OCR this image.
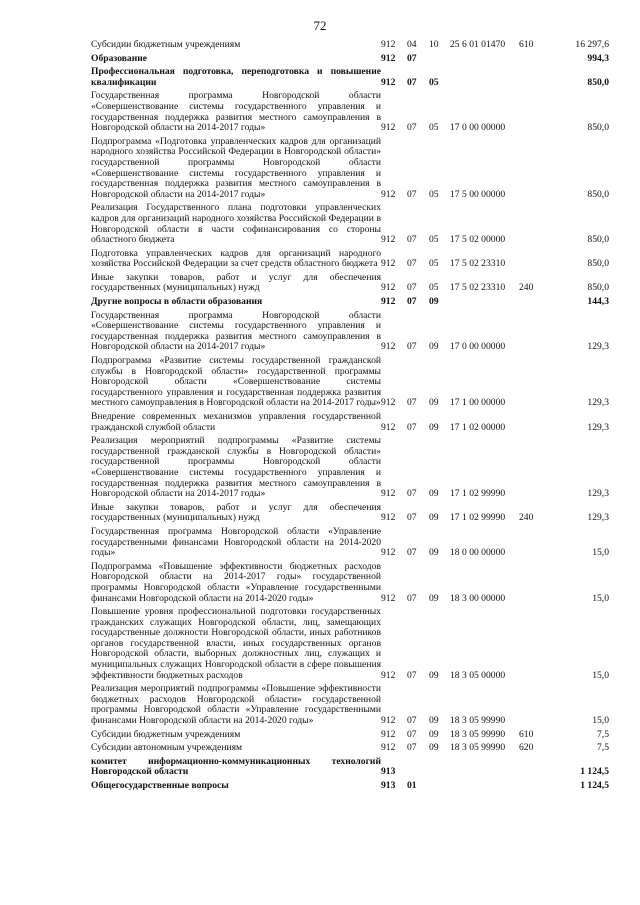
72
Субсидии бюджетным учреждениям	912	04	10	25 6 01 01470	610	16 297,6
Образование	912	07				994,3
Профессиональная подготовка, переподготовка и повышение квалификации	912	07	05			850,0
Государственная программа Новгородской области «Совершенствование системы государственного управления и государственная поддержка развития местного самоуправления в Новгородской области на 2014-2017 годы»	912	07	05	17 0 00 00000		850,0
Подпрограмма «Подготовка управленческих кадров для организаций народного хозяйства Российской Федерации в Новгородской области» государственной программы Новгородской области «Совершенствование системы государственного управления и государственная поддержка развития местного самоуправления в Новгородской области на 2014-2017 годы»	912	07	05	17 5 00 00000		850,0
Реализация Государственного плана подготовки управленческих кадров для организаций народного хозяйства Российской Федерации в Новгородской области в части софинансирования со стороны областного бюджета	912	07	05	17 5 02 00000		850,0
Подготовка управленческих кадров для организаций народного хозяйства Российской Федерации за счет средств областного бюджета	912	07	05	17 5 02 23310		850,0
Иные закупки товаров, работ и услуг для обеспечения государственных (муниципальных) нужд	912	07	05	17 5 02 23310	240	850,0
Другие вопросы в области образования	912	07	09			144,3
Государственная программа Новгородской области «Совершенствование системы государственного управления и государственная поддержка развития местного самоуправления в Новгородской области на 2014-2017 годы»	912	07	09	17 0 00 00000		129,3
Подпрограмма «Развитие системы государственной гражданской службы в Новгородской области» государственной программы Новгородской области «Совершенствование системы государственного управления и государственная поддержка развития местного самоуправления в Новгородской области на 2014-2017 годы»	912	07	09	17 1 00 00000		129,3
Внедрение современных механизмов управления государственной гражданской службой области	912	07	09	17 1 02 00000		129,3
Реализация мероприятий подпрограммы «Развитие системы государственной гражданской службы в Новгородской области» государственной программы Новгородской области «Совершенствование системы государственного управления и государственная поддержка развития местного самоуправления в Новгородской области на 2014-2017 годы»	912	07	09	17 1 02 99990		129,3
Иные закупки товаров, работ и услуг для обеспечения государственных (муниципальных) нужд	912	07	09	17 1 02 99990	240	129,3
Государственная программа Новгородской области «Управление государственными финансами Новгородской области на 2014-2020 годы»	912	07	09	18 0 00 00000		15,0
Подпрограмма «Повышение эффективности бюджетных расходов Новгородской области на 2014-2017 годы» государственной программы Новгородской области «Управление государственными финансами Новгородской области на 2014-2020 годы»	912	07	09	18 3 00 00000		15,0
Повышение уровня профессиональной подготовки государственных гражданских служащих Новгородской области, лиц, замещающих государственные должности Новгородской области, иных работников органов государственной власти, иных государственных органов Новгородской области, выборных должностных лиц, служащих и муниципальных служащих Новгородской области в сфере повышения эффективности бюджетных расходов	912	07	09	18 3 05 00000		15,0
Реализация мероприятий подпрограммы «Повышение эффективности бюджетных расходов Новгородской области» государственной программы Новгородской области «Управление государственными финансами Новгородской области на 2014-2020 годы»	912	07	09	18 3 05 99990		15,0
Субсидии бюджетным учреждениям	912	07	09	18 3 05 99990	610	7,5
Субсидии автономным учреждениям	912	07	09	18 3 05 99990	620	7,5
комитет информационно-коммуникационных технологий Новгородской области	913					1 124,5
Общегосударственные вопросы	913	01				1 124,5
